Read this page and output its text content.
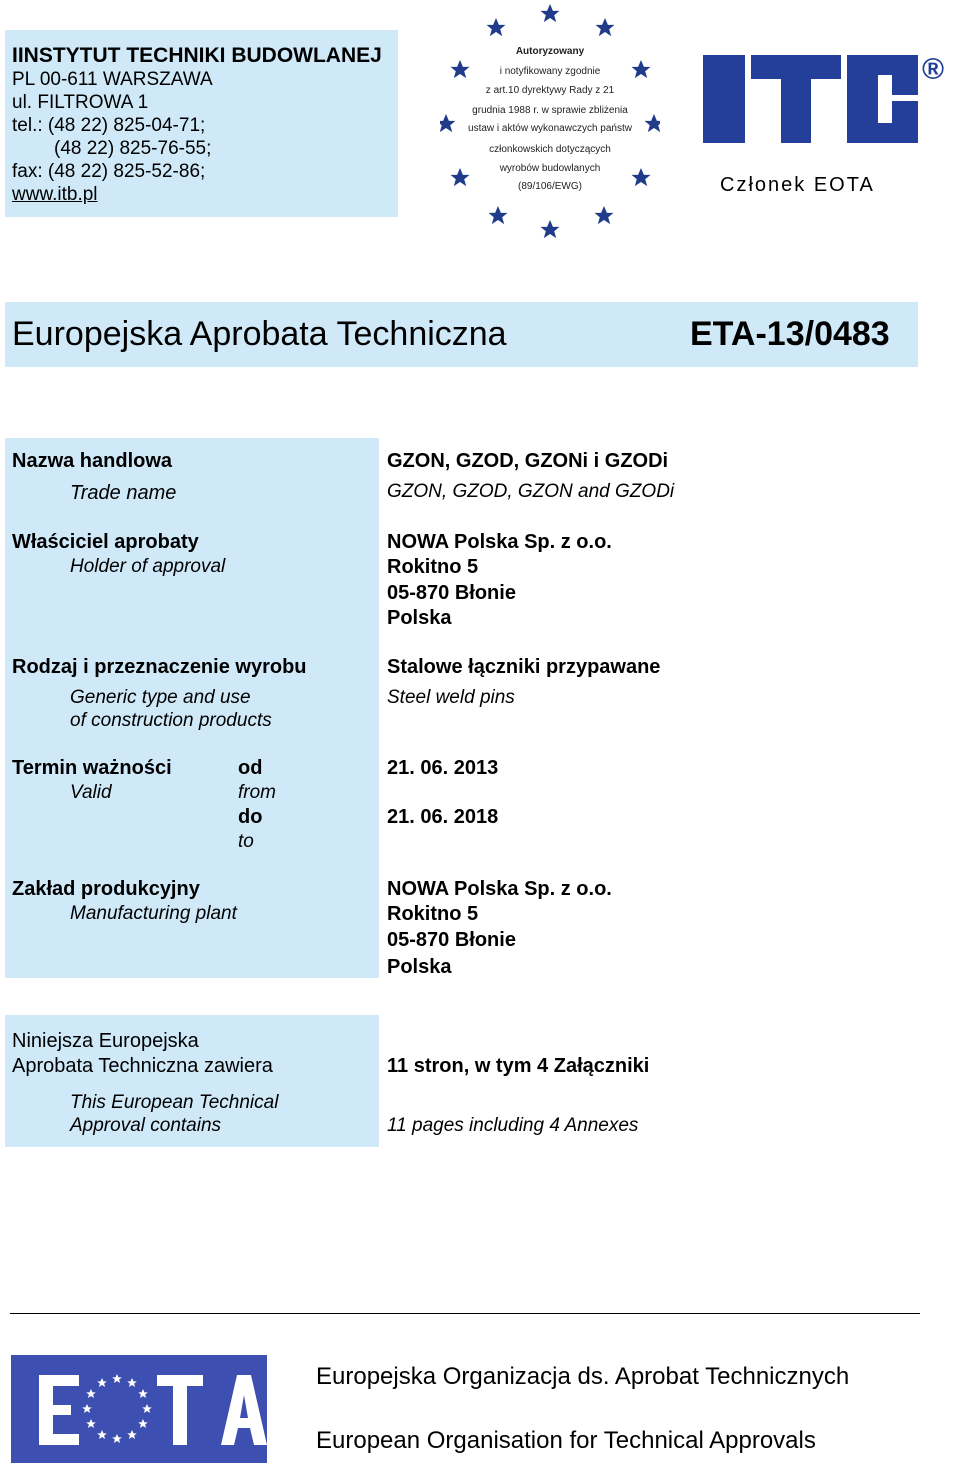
IINSTYTUT TECHNIKI BUDOWLANEJ
PL 00-611 WARSZAWA
ul. FILTROWA 1
tel.: (48 22) 825-04-71;
(48 22) 825-76-55;
fax: (48 22) 825-52-86;
www.itb.pl
Autoryzowany
i notyfikowany zgodnie
z art.10 dyrektywy Rady z 21
grudnia 1988 r. w sprawie zbliżenia
ustaw i aktów wykonawczych państw
członkowskich dotyczących
wyrobów budowlanych
(89/106/EWG)
®
Członek EOTA
Europejska Aprobata Techniczna	ETA-13/0483
Nazwa handlowa
Trade name
GZON, GZOD, GZONi i GZODi
GZON, GZOD, GZON and GZODi
Właściciel aprobaty
Holder of approval
NOWA Polska Sp. z o.o.
Rokitno 5
05-870 Błonie
Polska
Rodzaj i przeznaczenie wyrobu
Generic type and use
of construction products
Stalowe łączniki przypawane
Steel weld pins
Termin ważności
Valid
od
from
do
to
21. 06. 2013
21. 06. 2018
Zakład produkcyjny
Manufacturing plant
NOWA Polska Sp. z o.o.
Rokitno 5
05-870 Błonie
Polska
Niniejsza Europejska
Aprobata Techniczna zawiera
This European Technical
Approval contains
11 stron, w tym 4 Załączniki
11 pages including 4 Annexes
Europejska Organizacja ds. Aprobat Technicznych
European Organisation for Technical Approvals
